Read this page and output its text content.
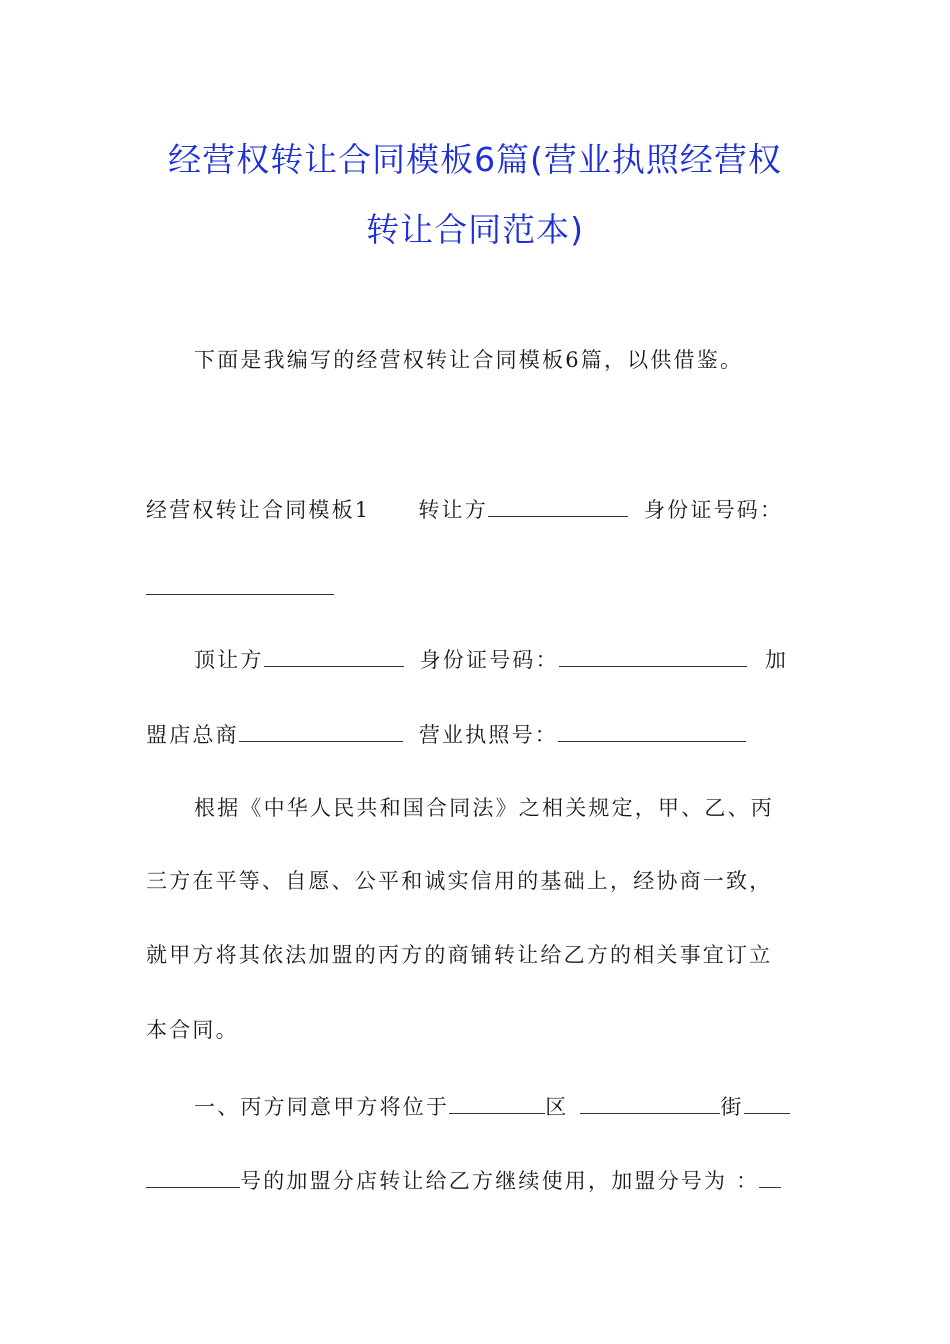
经营权转让合同模板6篇(营业执照经营权
转让合同范本)
下面是我编写的经营权转让合同模板6篇，以供借鉴。
经营权转让合同模板1 转让方	身份证号码：
顶让方	身份证号码：	加
盟店总商	营业执照号：
根据《中华人民共和国合同法》之相关规定，甲、乙、丙
三方在平等、自愿、公平和诚实信用的基础上，经协商一致，
就甲方将其依法加盟的丙方的商铺转让给乙方的相关事宜订立
本合同。
一、丙方同意甲方将位于	区	街
号的加盟分店转让给乙方继续使用，加盟分号为 ：
